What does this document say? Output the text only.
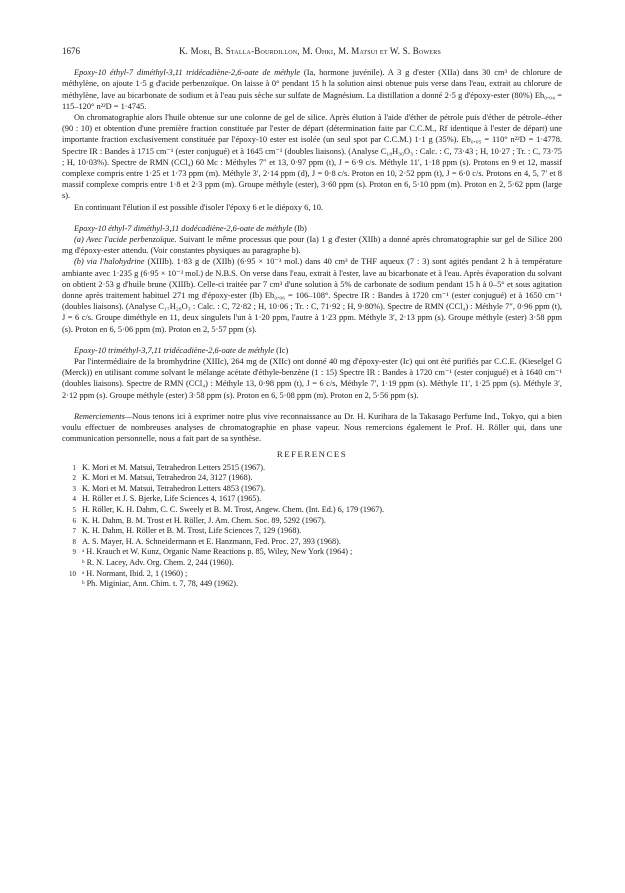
1676	K. Mori, B. Stalla-Bourdillon, M. Ohki, M. Matsui et W. S. Bowers

Epoxy-10 éthyl-7 diméthyl-3,11 tridécadiène-2,6-oate de méthyle (Ia, hormone juvénile). A 3 g d'ester (XIIa) dans 30 cm³ de chlorure de méthylène, on ajoute 1·5 g d'acide perbenzoïque. On laisse à 0° pendant 15 h la solution ainsi obtenue puis verse dans l'eau, extrait au chlorure de méthylène, lave au bicarbonate de sodium et à l'eau puis sèche sur sulfate de Magnésium. La distillation a donné 2·5 g d'époxy-ester (80%) Eb₀.₀₄ = 115–120° n²²D = 1·4745.

On chromatographie alors l'huile obtenue sur une colonne de gel de silice. Après élution à l'aide d'éther de pétrole puis d'éther de pétrole–éther (90 : 10) et obtention d'une première fraction constituée par l'ester de départ (détermination faite par C.C.M., Rf identique à l'ester de départ) une importante fraction exclusivement constituée par l'époxy-10 ester est isolée (un seul spot par C.C.M.) 1·1 g (35%). Eb₀.₀₅ = 110° n²²D = 1·4778. Spectre IR : Bandes à 1715 cm⁻¹ (ester conjugué) et à 1645 cm⁻¹ (doubles liaisons). (Analyse C₁₈H₃₀O₃ : Calc. : C, 73·43 ; H, 10·27 ; Tr. : C, 73·75 ; H, 10·03%). Spectre de RMN (CCl₄) 60 Mc : Méthyles 7″ et 13, 0·97 ppm (t), J = 6·9 c/s. Méthyle 11′, 1·18 ppm (s). Protons en 9 et 12, massif complexe compris entre 1·25 et 1·73 ppm (m). Méthyle 3′, 2·14 ppm (d), J = 0·8 c/s. Proton en 10, 2·52 ppm (t), J = 6·0 c/s. Protons en 4, 5, 7′ et 8 massif complexe compris entre 1·8 et 2·3 ppm (m). Groupe méthyle (ester), 3·60 ppm (s). Proton en 6, 5·10 ppm (m). Proton en 2, 5·62 ppm (large s).

En continuant l'élution il est possible d'isoler l'époxy 6 et le diépoxy 6, 10.

Epoxy-10 éthyl-7 diméthyl-3,11 dodécadiène-2,6-oate de méthyle (Ib)

(a) Avec l'acide perbenzoïque. Suivant le même processus que pour (Ia) 1 g d'ester (XIIb) a donné après chromatographie sur gel de Silice 200 mg d'époxy-ester attendu. (Voir constantes physiques au paragraphe b).

(b) via l'halohydrine (XIIIb). 1·83 g de (XIIb) (6·95 × 10⁻³ mol.) dans 40 cm³ de THF aqueux (7 : 3) sont agités pendant 2 h à température ambiante avec 1·235 g (6·95 × 10⁻³ mol.) de N.B.S. On verse dans l'eau, extrait à l'ester, lave au bicarbonate et à l'eau. Après évaporation du solvant on obtient 2·53 g d'huile brune (XIIIb). Celle-ci traitée par 7 cm³ d'une solution à 5% de carbonate de sodium pendant 15 h à 0–5° et sous agitation donne après traitement habituel 271 mg d'époxy-ester (Ib) Eb₀.₀₆ = 106–108°. Spectre IR : Bandes à 1720 cm⁻¹ (ester conjugué) et à 1650 cm⁻¹ (doubles liaisons). (Analyse C₁₇H₂₈O₃ : Calc. : C, 72·82 ; H, 10·06 ; Tr. : C, 71·92 ; H, 9·80%). Spectre de RMN (CCl₄) : Méthyle 7″, 0·96 ppm (t), J = 6 c/s. Groupe diméthyle en 11, deux singulets l'un à 1·20 ppm, l'autre à 1·23 ppm. Méthyle 3′, 2·13 ppm (s). Groupe méthyle (ester) 3·58 ppm (s). Proton en 6, 5·06 ppm (m). Proton en 2, 5·57 ppm (s).

Epoxy-10 triméthyl-3,7,11 tridécadiène-2,6-oate de méthyle (Ic)

Par l'intermédiaire de la bromhydrine (XIIIc), 264 mg de (XIIc) ont donné 40 mg d'époxy-ester (Ic) qui ont été purifiés par C.C.E. (Kieselgel G (Merck)) en utilisant comme solvant le mélange acétate d'éthyle-benzène (1 : 15) Spectre IR : Bandes à 1720 cm⁻¹ (ester conjugué) et à 1640 cm⁻¹ (doubles liaisons). Spectre de RMN (CCl₄) : Méthyle 13, 0·98 ppm (t), J = 6 c/s, Méthyle 7′, 1·19 ppm (s). Méthyle 11′, 1·25 ppm (s). Méthyle 3′, 2·12 ppm (s). Groupe méthyle (ester) 3·58 ppm (s). Proton en 6, 5·08 ppm (m). Proton en 2, 5·56 ppm (s).

Remerciements—Nous tenons ici à exprimer notre plus vive reconnaissance au Dr. H. Kurihara de la Takasago Perfume Ind., Tokyo, qui a bien voulu effectuer de nombreuses analyses de chromatographie en phase vapeur. Nous remercions également le Prof. H. Röller qui, dans une communication personnelle, nous a fait part de sa synthèse.

REFERENCES
1 K. Mori et M. Matsui, Tetrahedron Letters 2515 (1967).
2 K. Mori et M. Matsui, Tetrahedron 24, 3127 (1968).
3 K. Mori et M. Matsui, Tetrahedron Letters 4853 (1967).
4 H. Röller et J. S. Bjerke, Life Sciences 4, 1617 (1965).
5 H. Röller, K. H. Dahm, C. C. Sweely et B. M. Trost, Angew. Chem. (Int. Ed.) 6, 179 (1967).
6 K. H. Dahm, B. M. Trost et H. Röller, J. Am. Chem. Soc. 89, 5292 (1967).
7 K. H. Dahm, H. Röller et B. M. Trost, Life Sciences 7, 129 (1968).
8 A. S. Mayer, H. A. Schneidermann et E. Hanzmann, Fed. Proc. 27, 393 (1968).
9 ᵃ H. Krauch et W. Kunz, Organic Name Reactions p. 85, Wiley, New York (1964) ;
ᵇ R. N. Lacey, Adv. Org. Chem. 2, 244 (1960).
10 ᵃ H. Normant, Ibid. 2, 1 (1960) ;
ᵇ Ph. Miginiac, Ann. Chim. t. 7, 78, 449 (1962).
